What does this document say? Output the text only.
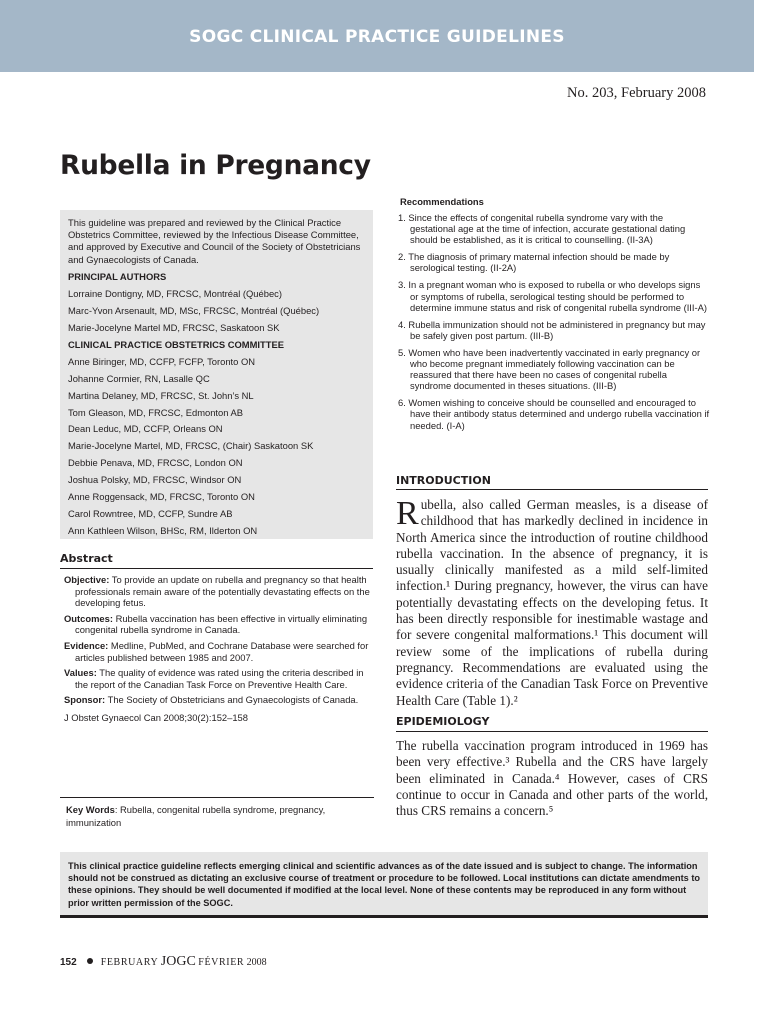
SOGC CLINICAL PRACTICE GUIDELINES
No. 203, February 2008
Rubella in Pregnancy

This guideline was prepared and reviewed by the Clinical Practice Obstetrics Committee, reviewed by the Infectious Disease Committee, and approved by Executive and Council of the Society of Obstetricians and Gynaecologists of Canada.

PRINCIPAL AUTHORS

Lorraine Dontigny, MD, FRCSC, Montréal (Québec)
Marc-Yvon Arsenault, MD, MSc, FRCSC, Montréal (Québec)
Marie-Jocelyne Martel MD, FRCSC, Saskatoon SK

CLINICAL PRACTICE OBSTETRICS COMMITTEE

Anne Biringer, MD, CCFP, FCFP, Toronto ON
Johanne Cormier, RN, Lasalle QC
Martina Delaney, MD, FRCSC, St. John’s NL
Tom Gleason, MD, FRCSC, Edmonton AB
Dean Leduc, MD, CCFP, Orleans ON
Marie-Jocelyne Martel, MD, FRCSC, (Chair) Saskatoon SK
Debbie Penava, MD, FRCSC, London ON
Joshua Polsky, MD, FRCSC, Windsor ON
Anne Roggensack, MD, FRCSC, Toronto ON
Carol Rowntree, MD, CCFP, Sundre AB
Ann Kathleen Wilson, BHSc, RM, Ilderton ON
Abstract

Objective: To provide an update on rubella and pregnancy so that health professionals remain aware of the potentially devastating effects on the developing fetus.

Outcomes: Rubella vaccination has been effective in virtually eliminating congenital rubella syndrome in Canada.

Evidence: Medline, PubMed, and Cochrane Database were searched for articles published between 1985 and 2007.

Values: The quality of evidence was rated using the criteria described in the report of the Canadian Task Force on Preventive Health Care.

Sponsor: The Society of Obstetricians and Gynaecologists of Canada.

J Obstet Gynaecol Can 2008;30(2):152–158

Key Words: Rubella, congenital rubella syndrome, pregnancy, immunization

Recommendations

1. Since the effects of congenital rubella syndrome vary with the gestational age at the time of infection, accurate gestational dating should be established, as it is critical to counselling. (II-3A)

2. The diagnosis of primary maternal infection should be made by serological testing. (II-2A)

3. In a pregnant woman who is exposed to rubella or who develops signs or symptoms of rubella, serological testing should be performed to determine immune status and risk of congenital rubella syndrome (III-A)

4. Rubella immunization should not be administered in pregnancy but may be safely given post partum. (III-B)

5. Women who have been inadvertently vaccinated in early pregnancy or who become pregnant immediately following vaccination can be reassured that there have been no cases of congenital rubella syndrome documented in theses situations. (III-B)

6. Women wishing to conceive should be counselled and encouraged to have their antibody status determined and undergo rubella vaccination if needed. (I-A)

INTRODUCTION
Rubella, also called German measles, is a disease of childhood that has markedly declined in incidence in North America since the introduction of routine childhood rubella vaccination. In the absence of pregnancy, it is usually clinically manifested as a mild self-limited infection.¹ During pregnancy, however, the virus can have potentially devastating effects on the developing fetus. It has been directly responsible for inestimable wastage and for severe congenital malformations.¹ This document will review some of the implications of rubella during pregnancy. Recommendations are evaluated using the evidence criteria of the Canadian Task Force on Preventive Health Care (Table 1).²
EPIDEMIOLOGY

The rubella vaccination program introduced in 1969 has been very effective.³ Rubella and the CRS have largely been eliminated in Canada.⁴ However, cases of CRS continue to occur in Canada and other parts of the world, thus CRS remains a concern.⁵

This clinical practice guideline reflects emerging clinical and scientific advances as of the date issued and is subject to change. The information should not be construed as dictating an exclusive course of treatment or procedure to be followed. Local institutions can dictate amendments to these opinions. They should be well documented if modified at the local level. None of these contents may be reproduced in any form without prior written permission of the SOGC.
152 FEBRUARY JOGC FÉVRIER 2008
